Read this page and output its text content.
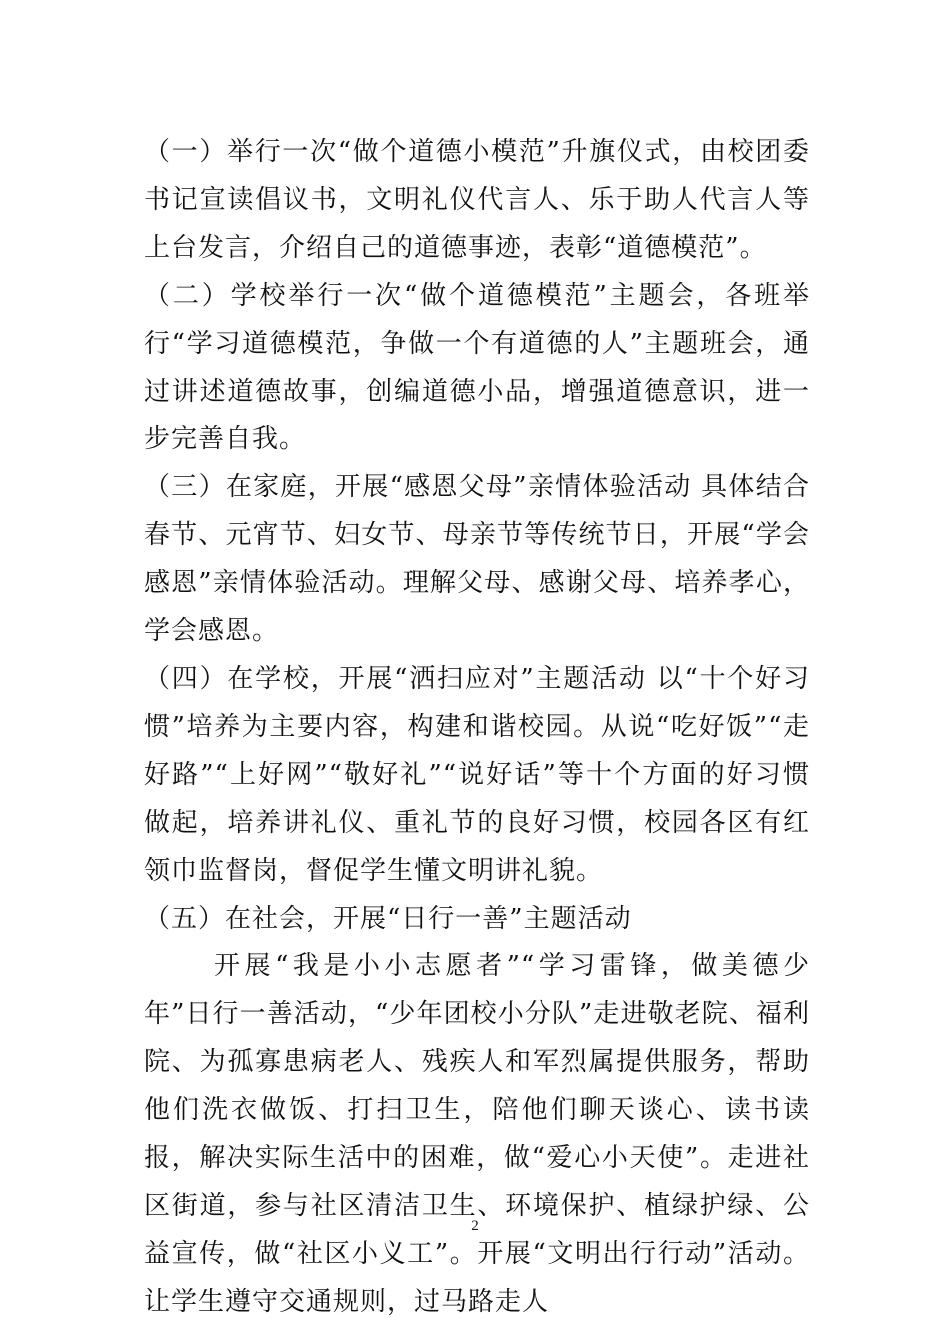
（一）举行一次“做个道德小模范”升旗仪式，由校团委书记宣读倡议书，文明礼仪代言人、乐于助人代言人等上台发言，介绍自己的道德事迹，表彰“道德模范”。

（二）学校举行一次“做个道德模范”主题会，各班举行“学习道德模范，争做一个有道德的人”主题班会，通过讲述道德故事，创编道德小品，增强道德意识，进一步完善自我。

（三）在家庭，开展“感恩父母”亲情体验活动 具体结合春节、元宵节、妇女节、母亲节等传统节日，开展“学会感恩”亲情体验活动。理解父母、感谢父母、培养孝心，学会感恩。

（四）在学校，开展“洒扫应对”主题活动 以“十个好习惯”培养为主要内容，构建和谐校园。从说“吃好饭”“走好路”“上好网”“敬好礼”“说好话”等十个方面的好习惯做起，培养讲礼仪、重礼节的良好习惯，校园各区有红领巾监督岗，督促学生懂文明讲礼貌。

（五）在社会，开展“日行一善”主题活动

开展“我是小小志愿者”“学习雷锋，做美德少年”日行一善活动，“少年团校小分队”走进敬老院、福利院、为孤寡患病老人、残疾人和军烈属提供服务，帮助他们洗衣做饭、打扫卫生，陪他们聊天谈心、读书读报，解决实际生活中的困难，做“爱心小天使”。走进社区街道，参与社区清洁卫生、环境保护、植绿护绿、公益宣传，做“社区小义工”。开展“文明出行行动”活动。让学生遵守交通规则，过马路走人

2
